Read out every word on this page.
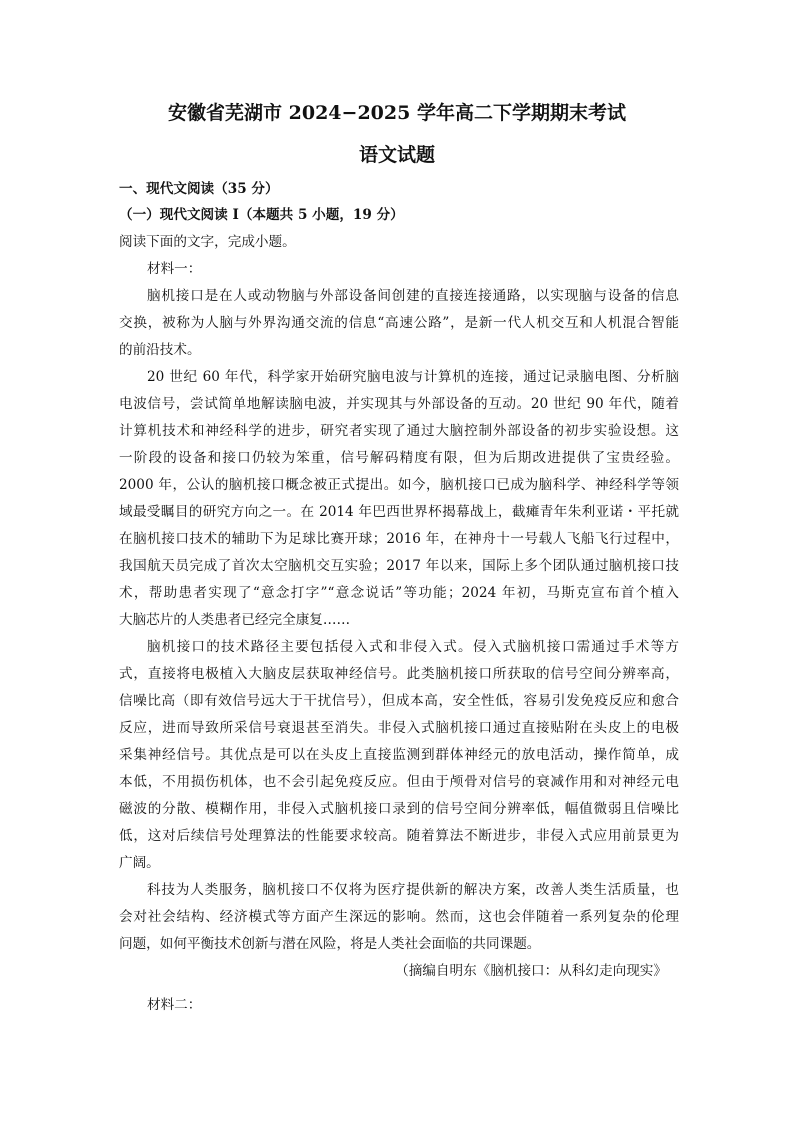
安徽省芜湖市 2024−2025 学年高二下学期期末考试
语文试题
一、现代文阅读（35 分）
（一）现代文阅读 I（本题共 5 小题，19 分）
阅读下面的文字，完成小题。
材料一：
脑机接口是在人或动物脑与外部设备间创建的直接连接通路，以实现脑与设备的信息
交换，被称为人脑与外界沟通交流的信息“高速公路”，是新一代人机交互和人机混合智能
的前沿技术。
20 世纪 60 年代，科学家开始研究脑电波与计算机的连接，通过记录脑电图、分析脑
电波信号，尝试简单地解读脑电波，并实现其与外部设备的互动。20 世纪 90 年代，随着
计算机技术和神经科学的进步，研究者实现了通过大脑控制外部设备的初步实验设想。这
一阶段的设备和接口仍较为笨重，信号解码精度有限，但为后期改进提供了宝贵经验。
2000 年，公认的脑机接口概念被正式提出。如今，脑机接口已成为脑科学、神经科学等领
域最受瞩目的研究方向之一。在 2014 年巴西世界杯揭幕战上，截瘫青年朱利亚诺・平托就
在脑机接口技术的辅助下为足球比赛开球；2016 年，在神舟十一号载人飞船飞行过程中，
我国航天员完成了首次太空脑机交互实验；2017 年以来，国际上多个团队通过脑机接口技
术，帮助患者实现了“意念打字”“意念说话”等功能；2024 年初，马斯克宣布首个植入
大脑芯片的人类患者已经完全康复……
脑机接口的技术路径主要包括侵入式和非侵入式。侵入式脑机接口需通过手术等方
式，直接将电极植入大脑皮层获取神经信号。此类脑机接口所获取的信号空间分辨率高，
信噪比高（即有效信号远大于干扰信号），但成本高，安全性低，容易引发免疫反应和愈合
反应，进而导致所采信号衰退甚至消失。非侵入式脑机接口通过直接贴附在头皮上的电极
采集神经信号。其优点是可以在头皮上直接监测到群体神经元的放电活动，操作简单，成
本低，不用损伤机体，也不会引起免疫反应。但由于颅骨对信号的衰减作用和对神经元电
磁波的分散、模糊作用，非侵入式脑机接口录到的信号空间分辨率低，幅值微弱且信噪比
低，这对后续信号处理算法的性能要求较高。随着算法不断进步，非侵入式应用前景更为
广阔。
科技为人类服务，脑机接口不仅将为医疗提供新的解决方案，改善人类生活质量，也
会对社会结构、经济模式等方面产生深远的影响。然而，这也会伴随着一系列复杂的伦理
问题，如何平衡技术创新与潜在风险，将是人类社会面临的共同课题。
（摘编自明东《脑机接口：从科幻走向现实》
材料二：
